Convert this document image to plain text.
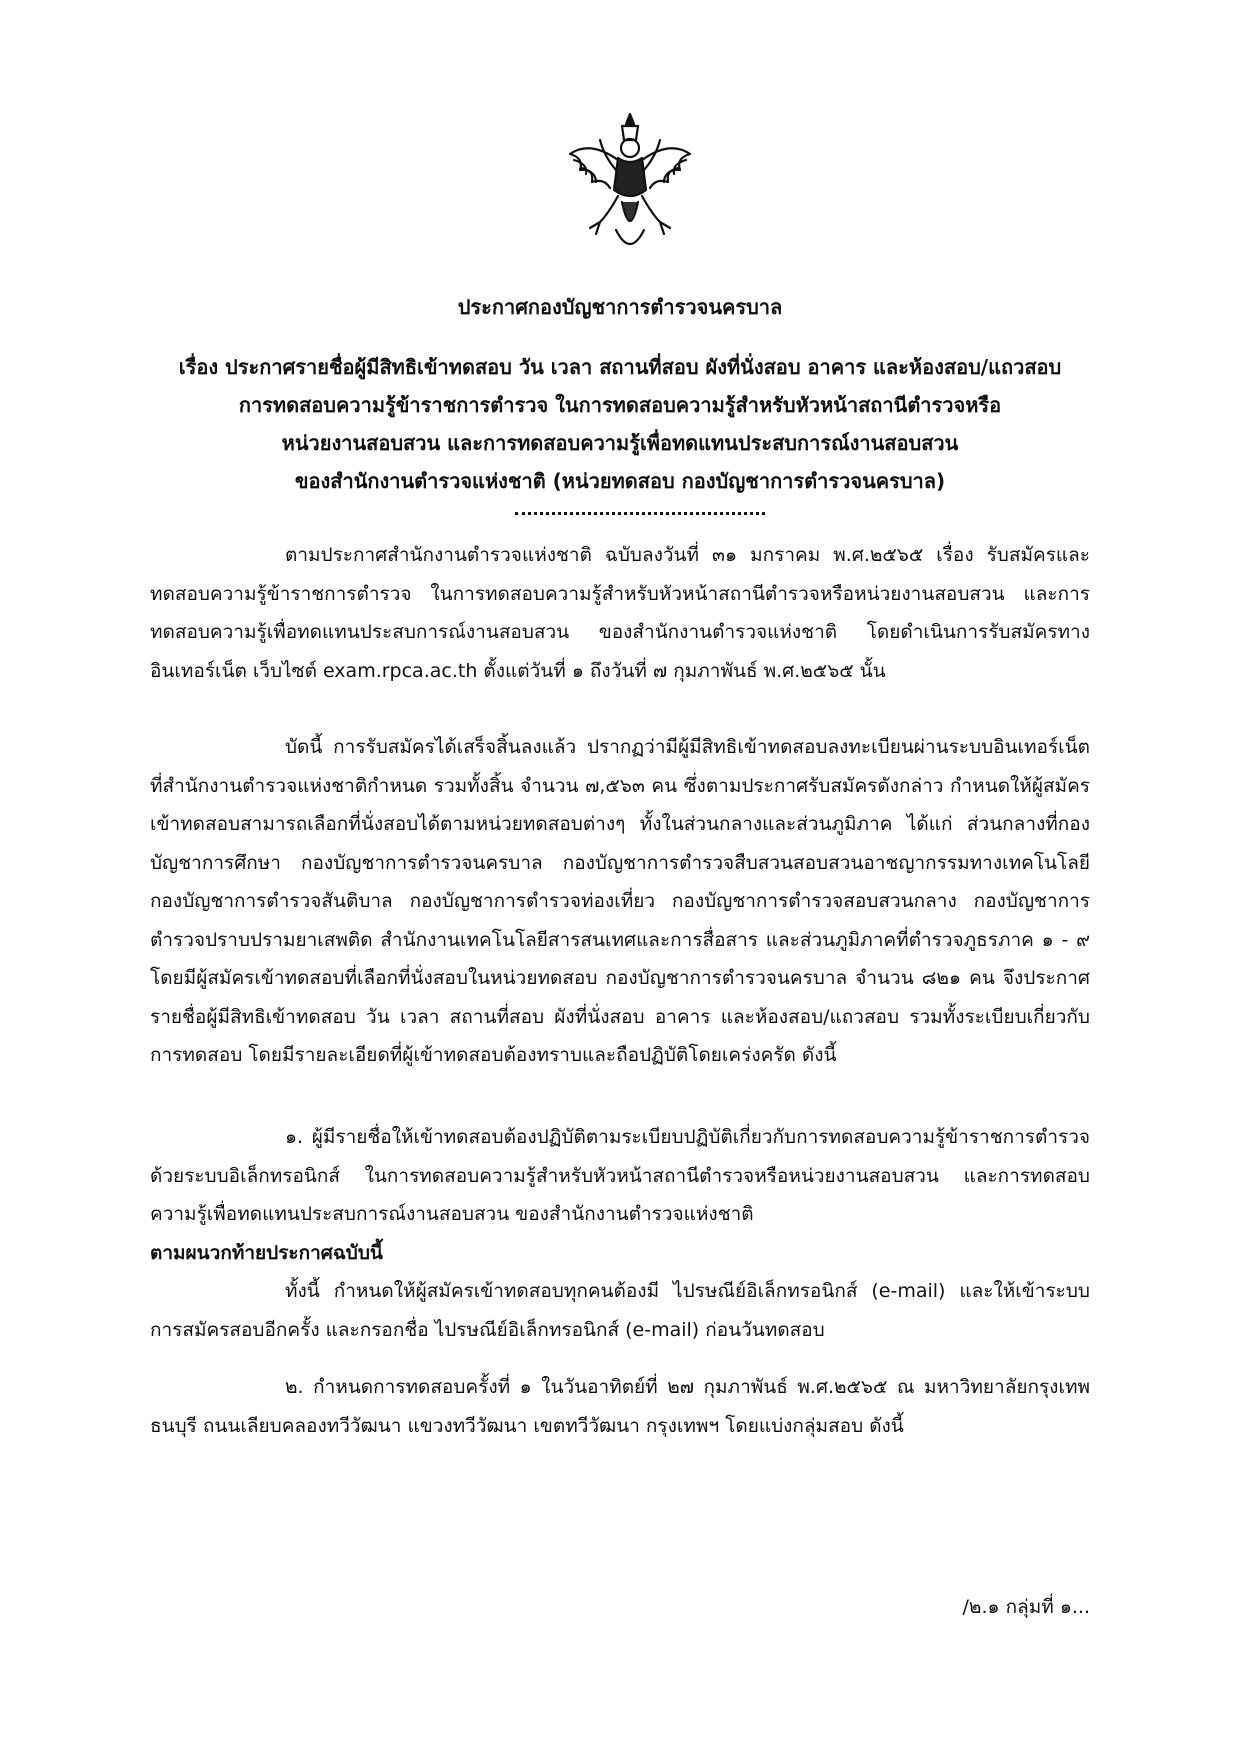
ประกาศกองบัญชาการตำรวจนครบาล
เรื่อง ประกาศรายชื่อผู้มีสิทธิเข้าทดสอบ วัน เวลา สถานที่สอบ ผังที่นั่งสอบ อาคาร และห้องสอบ/แถวสอบ
การทดสอบความรู้ข้าราชการตำรวจ ในการทดสอบความรู้สำหรับหัวหน้าสถานีตำรวจหรือ
หน่วยงานสอบสวน และการทดสอบความรู้เพื่อทดแทนประสบการณ์งานสอบสวน
ของสำนักงานตำรวจแห่งชาติ (หน่วยทดสอบ กองบัญชาการตำรวจนครบาล)

ตามประกาศสำนักงานตำรวจแห่งชาติ ฉบับลงวันที่ ๓๑ มกราคม พ.ศ.๒๕๖๕ เรื่อง รับสมัครและทดสอบความรู้ข้าราชการตำรวจ ในการทดสอบความรู้สำหรับหัวหน้าสถานีตำรวจหรือหน่วยงานสอบสวน และการทดสอบความรู้เพื่อทดแทนประสบการณ์งานสอบสวน ของสำนักงานตำรวจแห่งชาติ โดยดำเนินการรับสมัครทางอินเทอร์เน็ต เว็บไซต์ exam.rpca.ac.th ตั้งแต่วันที่ ๑ ถึงวันที่ ๗ กุมภาพันธ์ พ.ศ.๒๕๖๕ นั้น

บัดนี้ การรับสมัครได้เสร็จสิ้นลงแล้ว ปรากฏว่ามีผู้มีสิทธิเข้าทดสอบลงทะเบียนผ่านระบบอินเทอร์เน็ต ที่สำนักงานตำรวจแห่งชาติกำหนด รวมทั้งสิ้น จำนวน ๗,๕๖๓ คน ซึ่งตามประกาศรับสมัครดังกล่าว กำหนดให้ผู้สมัครเข้าทดสอบสามารถเลือกที่นั่งสอบได้ตามหน่วยทดสอบต่างๆ ทั้งในส่วนกลางและส่วนภูมิภาค ได้แก่ ส่วนกลางที่กองบัญชาการศึกษา กองบัญชาการตำรวจนครบาล กองบัญชาการตำรวจสืบสวนสอบสวนอาชญากรรมทางเทคโนโลยี กองบัญชาการตำรวจสันติบาล กองบัญชาการตำรวจท่องเที่ยว กองบัญชาการตำรวจสอบสวนกลาง กองบัญชาการตำรวจปราบปรามยาเสพติด สำนักงานเทคโนโลยีสารสนเทศและการสื่อสาร และส่วนภูมิภาคที่ตำรวจภูธรภาค ๑ - ๙ โดยมีผู้สมัครเข้าทดสอบที่เลือกที่นั่งสอบในหน่วยทดสอบ กองบัญชาการตำรวจนครบาล จำนวน ๘๒๑ คน จึงประกาศรายชื่อผู้มีสิทธิเข้าทดสอบ วัน เวลา สถานที่สอบ ผังที่นั่งสอบ อาคาร และห้องสอบ/แถวสอบ รวมทั้งระเบียบเกี่ยวกับการทดสอบ โดยมีรายละเอียดที่ผู้เข้าทดสอบต้องทราบและถือปฏิบัติโดยเคร่งครัด ดังนี้

๑. ผู้มีรายชื่อให้เข้าทดสอบต้องปฏิบัติตามระเบียบปฏิบัติเกี่ยวกับการทดสอบความรู้ข้าราชการตำรวจด้วยระบบอิเล็กทรอนิกส์ ในการทดสอบความรู้สำหรับหัวหน้าสถานีตำรวจหรือหน่วยงานสอบสวน และการทดสอบความรู้เพื่อทดแทนประสบการณ์งานสอบสวน ของสำนักงานตำรวจแห่งชาติ

ตามผนวกท้ายประกาศฉบับนี้

ทั้งนี้ กำหนดให้ผู้สมัครเข้าทดสอบทุกคนต้องมี ไปรษณีย์อิเล็กทรอนิกส์ (e-mail) และให้เข้าระบบการสมัครสอบอีกครั้ง และกรอกชื่อ ไปรษณีย์อิเล็กทรอนิกส์ (e-mail) ก่อนวันทดสอบ

๒. กำหนดการทดสอบครั้งที่ ๑ ในวันอาทิตย์ที่ ๒๗ กุมภาพันธ์ พ.ศ.๒๕๖๕ ณ มหาวิทยาลัยกรุงเทพธนบุรี ถนนเลียบคลองทวีวัฒนา แขวงทวีวัฒนา เขตทวีวัฒนา กรุงเทพฯ โดยแบ่งกลุ่มสอบ ดังนี้

/๒.๑ กลุ่มที่ ๑...
